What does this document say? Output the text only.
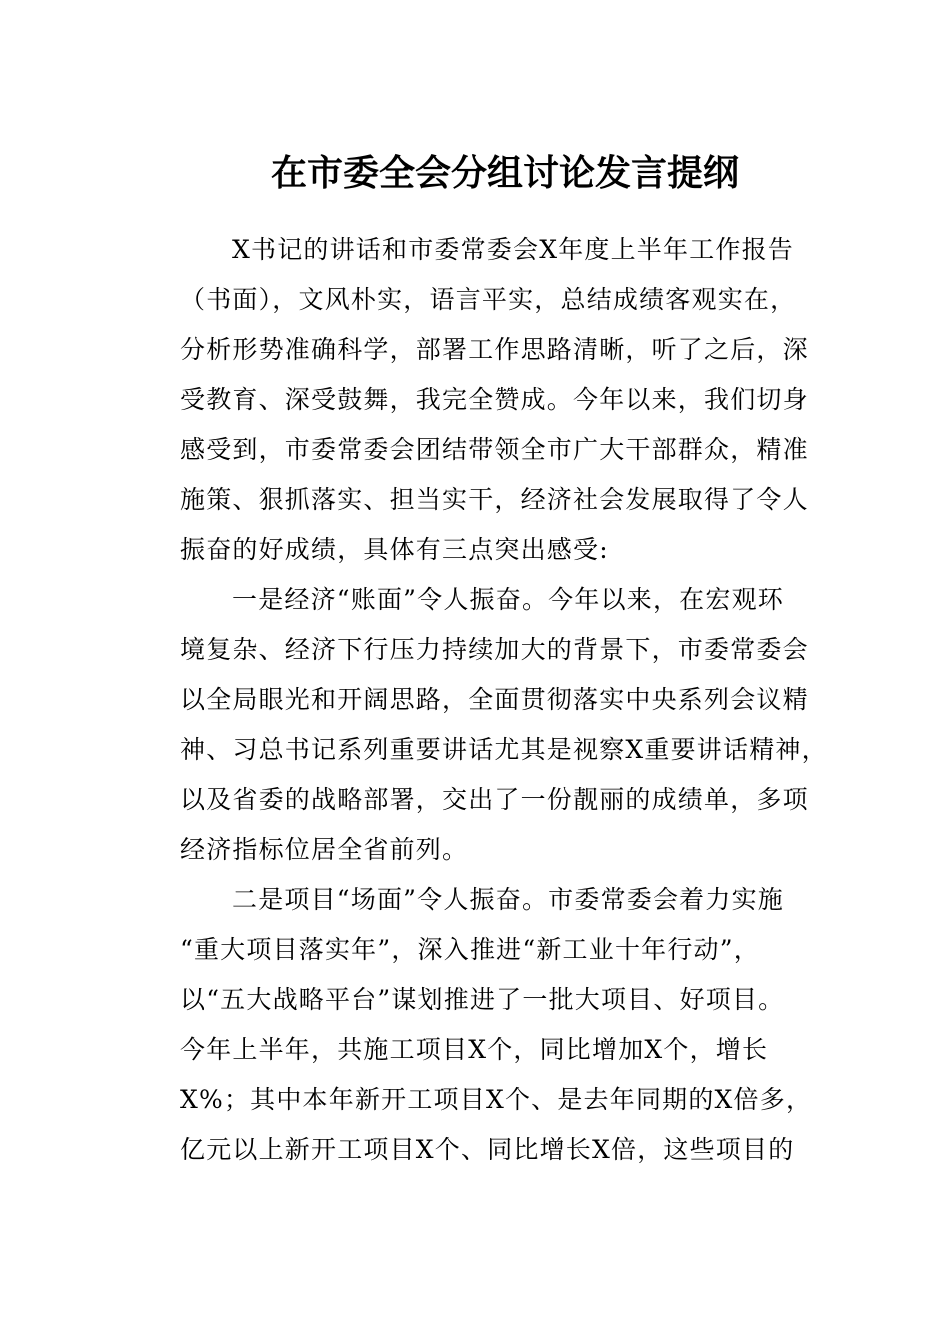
在市委全会分组讨论发言提纲
X书记的讲话和市委常委会X年度上半年工作报告
（书面），文风朴实，语言平实，总结成绩客观实在，
分析形势准确科学，部署工作思路清晰，听了之后，深
受教育、深受鼓舞，我完全赞成。今年以来，我们切身
感受到，市委常委会团结带领全市广大干部群众，精准
施策、狠抓落实、担当实干，经济社会发展取得了令人
振奋的好成绩，具体有三点突出感受:
一是经济“账面”令人振奋。今年以来，在宏观环
境复杂、经济下行压力持续加大的背景下，市委常委会
以全局眼光和开阔思路，全面贯彻落实中央系列会议精
神、习总书记系列重要讲话尤其是视察X重要讲话精神，
以及省委的战略部署，交出了一份靓丽的成绩单，多项
经济指标位居全省前列。
二是项目“场面”令人振奋。市委常委会着力实施
“重大项目落实年”，深入推进“新工业十年行动”，
以“五大战略平台”谋划推进了一批大项目、好项目。
今年上半年，共施工项目X个，同比增加X个，增长
X%；其中本年新开工项目X个、是去年同期的X倍多，
亿元以上新开工项目X个、同比增长X倍，这些项目的
